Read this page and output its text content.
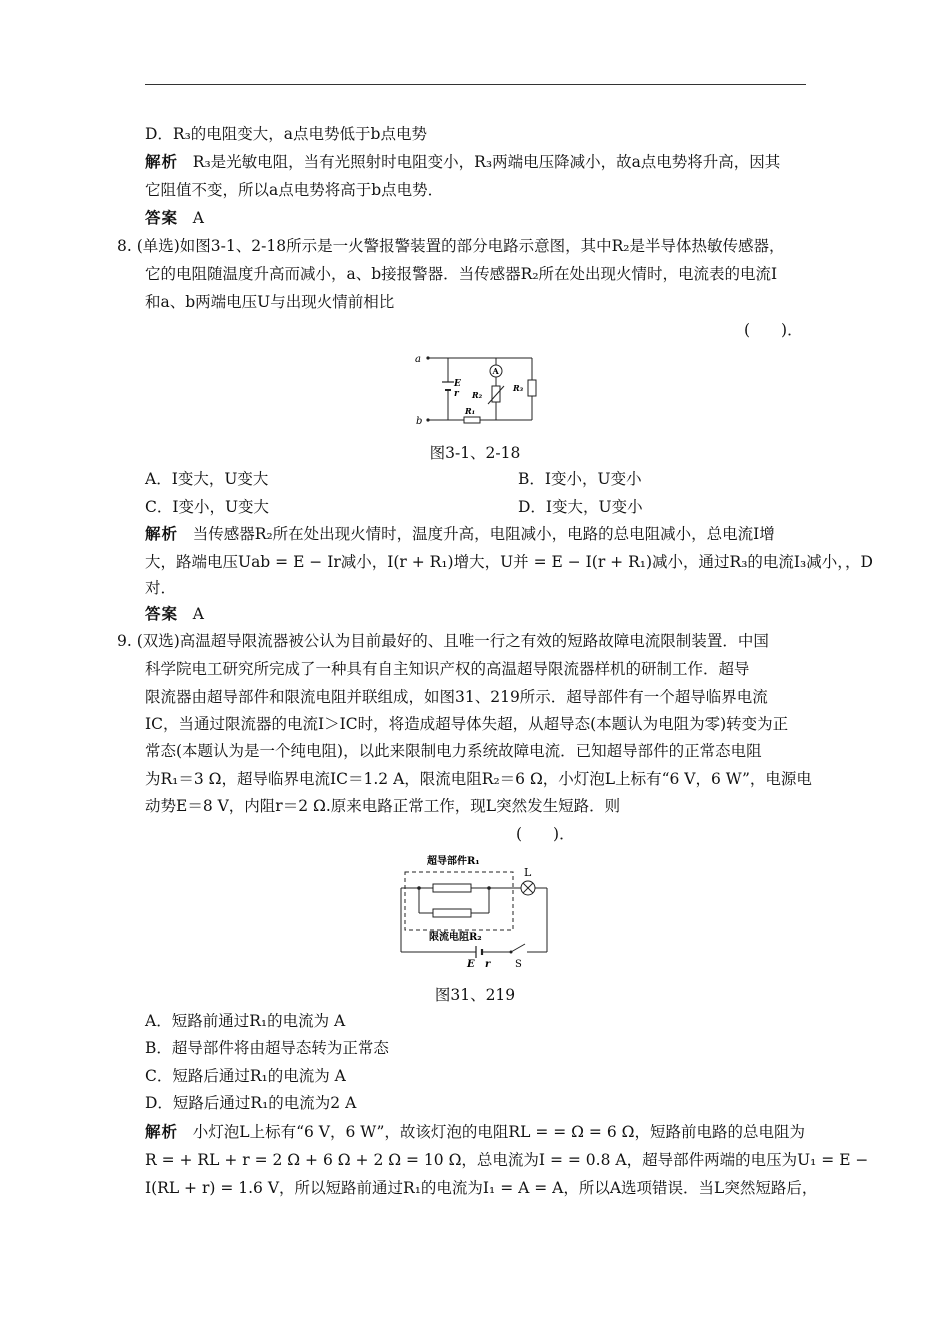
D．R₃的电阻变大，a点电势低于b点电势
解析 R₃是光敏电阻，当有光照射时电阻变小，R₃两端电压降减小，故a点电势将升高，因其
它阻值不变，所以a点电势将高于b点电势．
答案 A
8. (单选)如图3-1、2-18所示是一火警报警装置的部分电路示意图，其中R₂是半导体热敏传感器，
它的电阻随温度升高而减小，a、b接报警器．当传感器R₂所在处出现火情时，电流表的电流I
和a、b两端电压U与出现火情前相比
(　　)．
a
b
E
r
A
R₂
R₃
R₁
图3-1、2-18
A．I变大，U变大	B．I变小，U变小
C．I变小，U变大	D．I变大，U变小
解析 当传感器R₂所在处出现火情时，温度升高，电阻减小，电路的总电阻减小，总电流I增
大，路端电压Uab = E − Ir减小，I(r + R₁)增大，U并 = E − I(r + R₁)减小，通过R₃的电流I₃减小，，D
对．
答案 A
9. (双选)高温超导限流器被公认为目前最好的、且唯一行之有效的短路故障电流限制装置．中国
科学院电工研究所完成了一种具有自主知识产权的高温超导限流器样机的研制工作．超导
限流器由超导部件和限流电阻并联组成，如图31、219所示．超导部件有一个超导临界电流
IC，当通过限流器的电流I＞IC时，将造成超导体失超，从超导态(本题认为电阻为零)转变为正
常态(本题认为是一个纯电阻)，以此来限制电力系统故障电流．已知超导部件的正常态电阻
为R₁＝3 Ω，超导临界电流IC＝1.2 A，限流电阻R₂＝6 Ω，小灯泡L上标有“6 V，6 W”，电源电
动势E＝8 V，内阻r＝2 Ω.原来电路正常工作，现L突然发生短路．则
(　　)．
超导部件R₁
限流电阻R₂
L
E r S
图31、219
A．短路前通过R₁的电流为 A
B．超导部件将由超导态转为正常态
C．短路后通过R₁的电流为 A
D．短路后通过R₁的电流为2 A
解析 小灯泡L上标有“6 V，6 W”，故该灯泡的电阻RL = = Ω = 6 Ω，短路前电路的总电阻为
R = + RL + r = 2 Ω + 6 Ω + 2 Ω = 10 Ω，总电流为I = = 0.8 A，超导部件两端的电压为U₁ = E −
I(RL + r) = 1.6 V，所以短路前通过R₁的电流为I₁ = A = A，所以A选项错误．当L突然短路后，
